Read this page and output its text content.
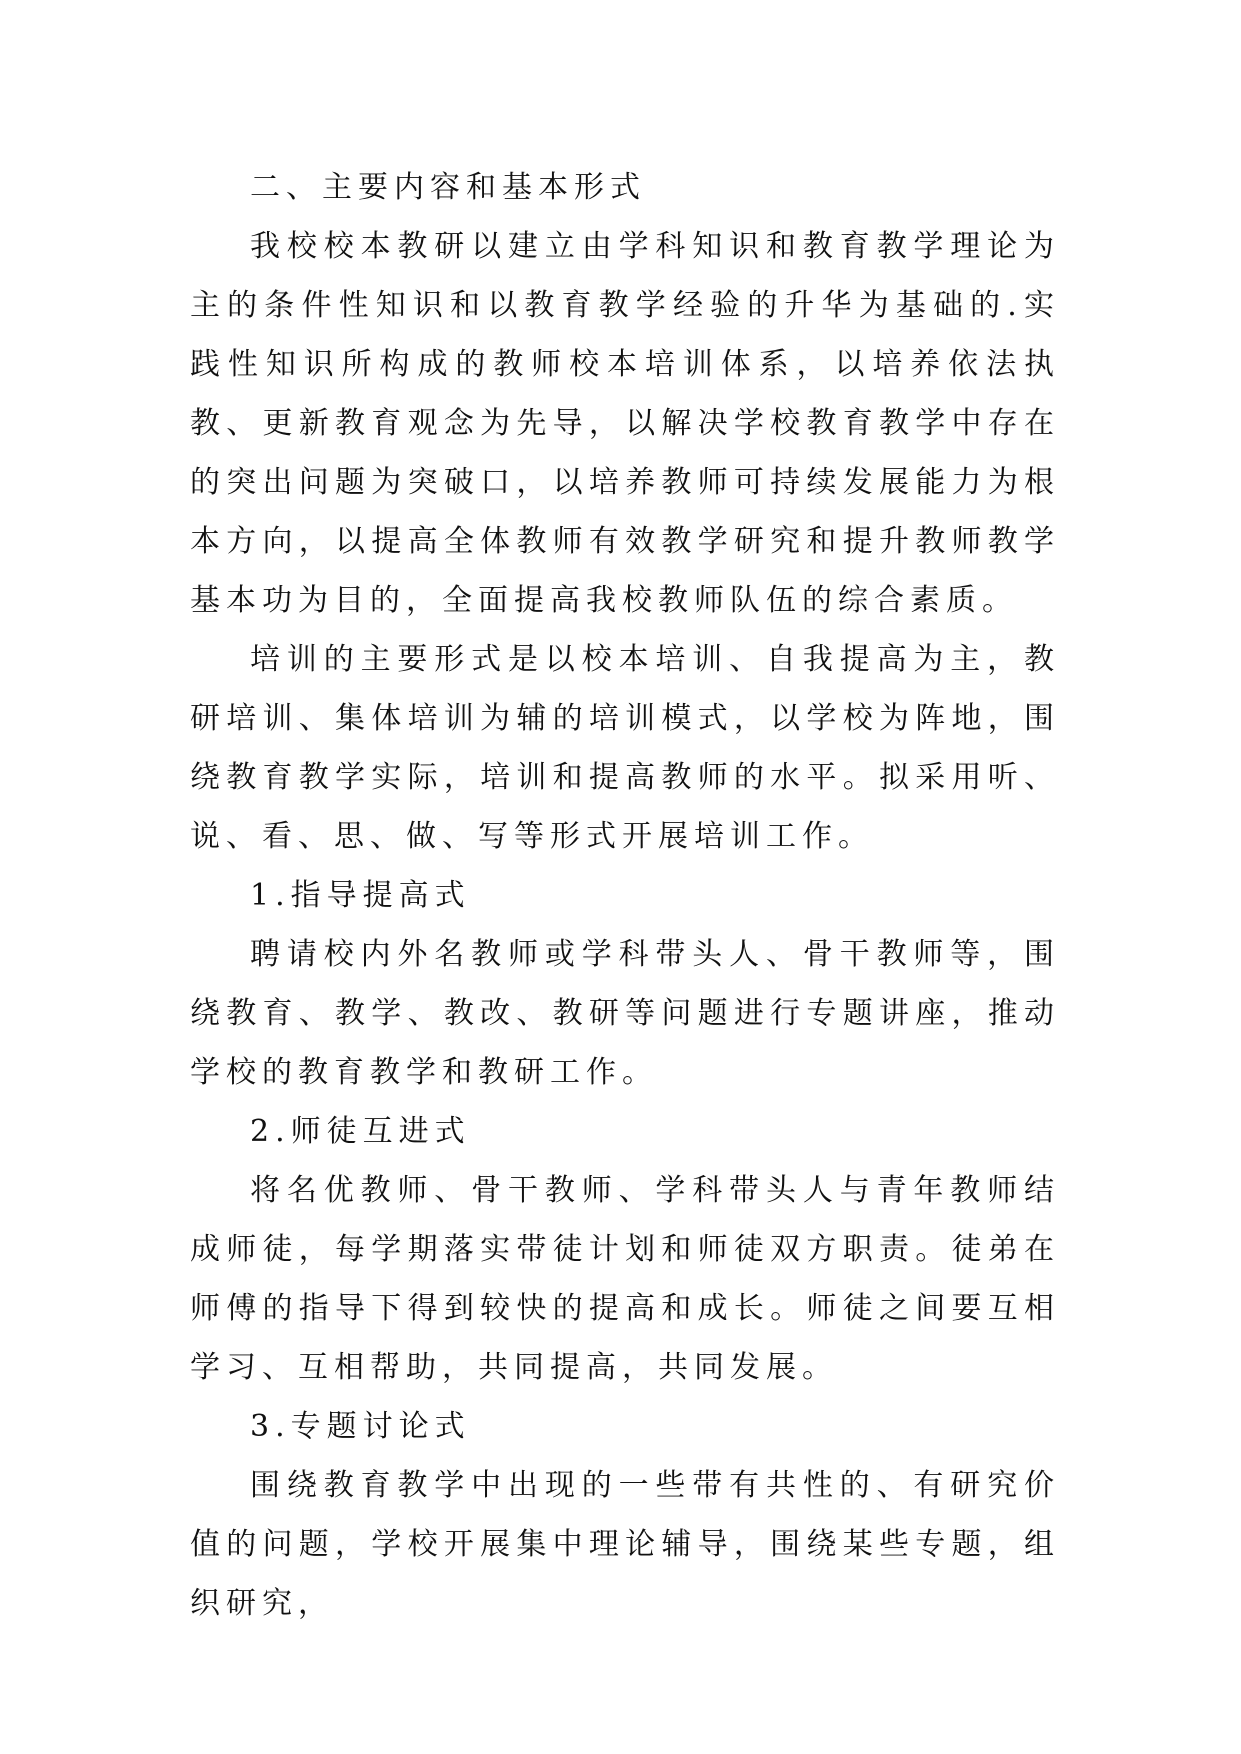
二、主要内容和基本形式

我校校本教研以建立由学科知识和教育教学理论为主的条件性知识和以教育教学经验的升华为基础的.实践性知识所构成的教师校本培训体系，以培养依法执教、更新教育观念为先导，以解决学校教育教学中存在的突出问题为突破口，以培养教师可持续发展能力为根本方向，以提高全体教师有效教学研究和提升教师教学基本功为目的，全面提高我校教师队伍的综合素质。

培训的主要形式是以校本培训、自我提高为主，教研培训、集体培训为辅的培训模式，以学校为阵地，围绕教育教学实际，培训和提高教师的水平。拟采用听、说、看、思、做、写等形式开展培训工作。

1.指导提高式

聘请校内外名教师或学科带头人、骨干教师等，围绕教育、教学、教改、教研等问题进行专题讲座，推动学校的教育教学和教研工作。

2.师徒互进式

将名优教师、骨干教师、学科带头人与青年教师结成师徒，每学期落实带徒计划和师徒双方职责。徒弟在师傅的指导下得到较快的提高和成长。师徒之间要互相学习、互相帮助，共同提高，共同发展。

3.专题讨论式

围绕教育教学中出现的一些带有共性的、有研究价值的问题，学校开展集中理论辅导，围绕某些专题，组织研究，
